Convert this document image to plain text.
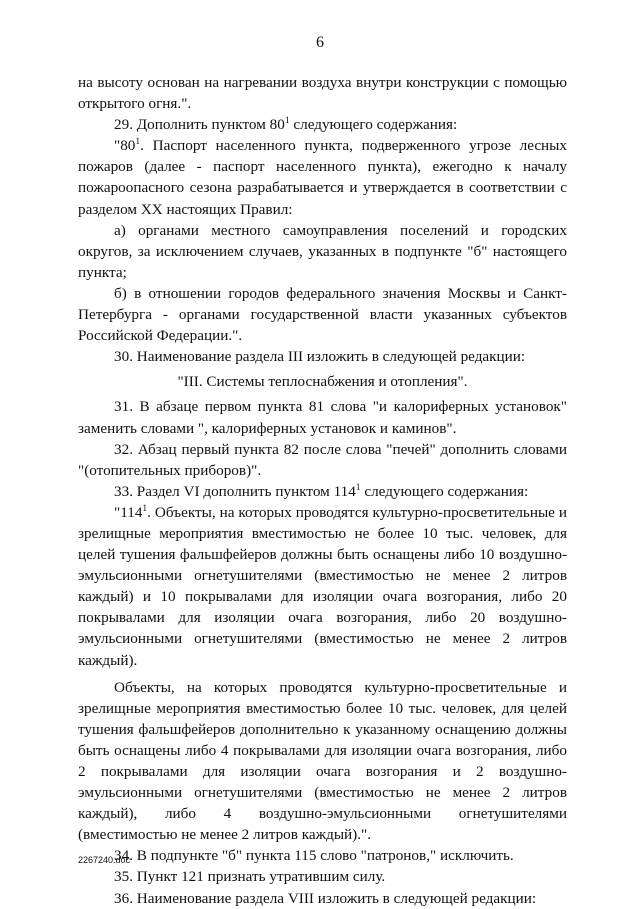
6

на высоту основан на нагревании воздуха внутри конструкции с помощью открытого огня.".

29. Дополнить пунктом $80^1$ следующего содержания:

"$80^1$. Паспорт населенного пункта, подверженного угрозе лесных пожаров (далее - паспорт населенного пункта), ежегодно к началу пожароопасного сезона разрабатывается и утверждается в соответствии с разделом XX настоящих Правил:

а) органами местного самоуправления поселений и городских округов, за исключением случаев, указанных в подпункте "б" настоящего пункта;

б) в отношении городов федерального значения Москвы и Санкт-Петербурга - органами государственной власти указанных субъектов Российской Федерации.".

30. Наименование раздела III изложить в следующей редакции:

"III. Системы теплоснабжения и отопления".

31. В абзаце первом пункта 81 слова "и калориферных установок" заменить словами ", калориферных установок и каминов".

32. Абзац первый пункта 82 после слова "печей" дополнить словами "(отопительных приборов)".

33. Раздел VI дополнить пунктом $114^1$ следующего содержания:

"$114^1$. Объекты, на которых проводятся культурно-просветительные и зрелищные мероприятия вместимостью не более 10 тыс. человек, для целей тушения фальшфейеров должны быть оснащены либо 10 воздушно-эмульсионными огнетушителями (вместимостью не менее 2 литров каждый) и 10 покрывалами для изоляции очага возгорания, либо 20 покрывалами для изоляции очага возгорания, либо 20 воздушно-эмульсионными огнетушителями (вместимостью не менее 2 литров каждый).

Объекты, на которых проводятся культурно-просветительные и зрелищные мероприятия вместимостью более 10 тыс. человек, для целей тушения фальшфейеров дополнительно к указанному оснащению должны быть оснащены либо 4 покрывалами для изоляции очага возгорания, либо 2 покрывалами для изоляции очага возгорания и 2 воздушно-эмульсионными огнетушителями (вместимостью не менее 2 литров каждый), либо 4 воздушно-эмульсионными огнетушителями (вместимостью не менее 2 литров каждый).".

34. В подпункте "б" пункта 115 слово "патронов," исключить.

35. Пункт 121 признать утратившим силу.

36. Наименование раздела VIII изложить в следующей редакции:

2267240.doc
